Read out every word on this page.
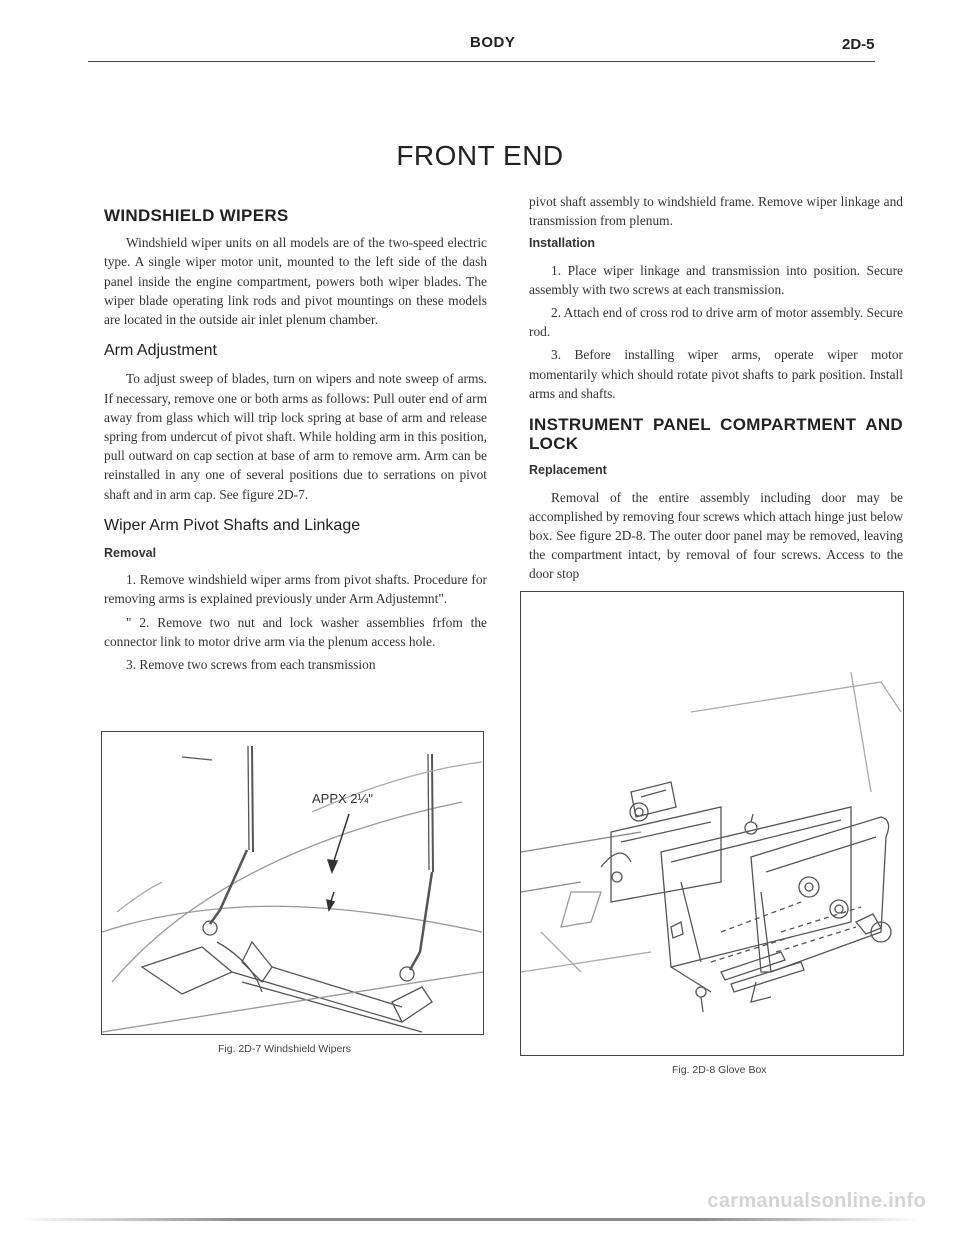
BODY	2D-5
FRONT END
WINDSHIELD WIPERS

Windshield wiper units on all models are of the two-speed electric type. A single wiper motor unit, mounted to the left side of the dash panel inside the engine compartment, powers both wiper blades. The wiper blade operating link rods and pivot mountings on these models are located in the outside air inlet plenum chamber.

Arm Adjustment

To adjust sweep of blades, turn on wipers and note sweep of arms. If necessary, remove one or both arms as follows: Pull outer end of arm away from glass which will trip lock spring at base of arm and release spring from undercut of pivot shaft. While holding arm in this position, pull outward on cap section at base of arm to remove arm. Arm can be reinstalled in any one of several positions due to serrations on pivot shaft and in arm cap. See figure 2D-7.

Wiper Arm Pivot Shafts and Linkage
Removal

1. Remove windshield wiper arms from pivot shafts. Procedure for removing arms is explained previously under Arm Adjustemnt".

" 2. Remove two nut and lock washer assemblies frfom the connector link to motor drive arm via the plenum access hole.

3. Remove two screws from each transmission

pivot shaft assembly to windshield frame. Remove wiper linkage and transmission from plenum.

Installation

1. Place wiper linkage and transmission into position. Secure assembly with two screws at each transmission.

2. Attach end of cross rod to drive arm of motor assembly. Secure rod.

3. Before installing wiper arms, operate wiper motor momentarily which should rotate pivot shafts to park position. Install arms and shafts.

INSTRUMENT PANEL COMPARTMENT AND LOCK
Replacement

Removal of the entire assembly including door may be accomplished by removing four screws which attach hinge just below box. See figure 2D-8. The outer door panel may be removed, leaving the compartment intact, by removal of four screws. Access to the door stop

APPX 2¼"
Fig. 2D-7 Windshield Wipers
Fig. 2D-8 Glove Box
carmanualsonline.info
